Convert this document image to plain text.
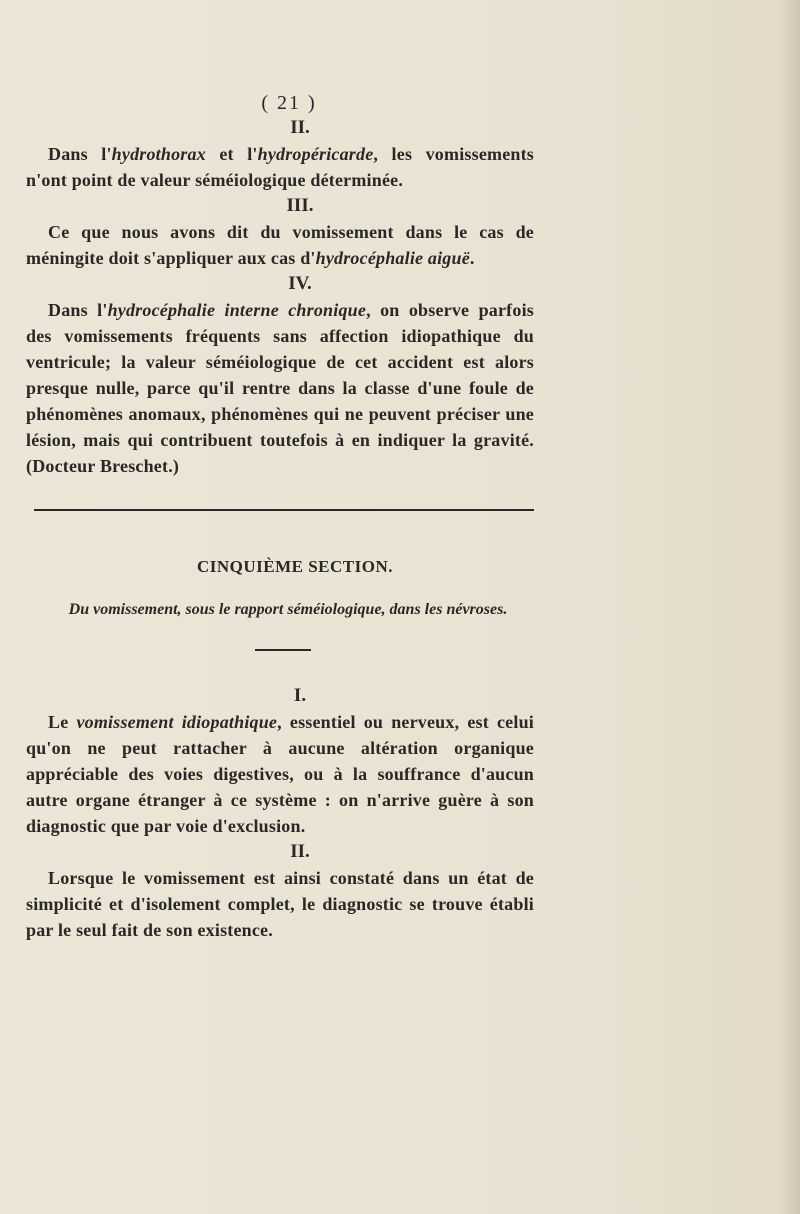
( 21 )
II.

Dans l'hydrothorax et l'hydropéricarde, les vomissements n'ont point de valeur séméiologique déterminée.

III.

Ce que nous avons dit du vomissement dans le cas de méningite doit s'appliquer aux cas d'hydrocéphalie aiguë.

IV.

Dans l'hydrocéphalie interne chronique, on observe parfois des vomissements fréquents sans affection idiopathique du ventricule; la valeur séméiologique de cet accident est alors presque nulle, parce qu'il rentre dans la classe d'une foule de phénomènes anomaux, phénomènes qui ne peuvent préciser une lésion, mais qui contribuent toutefois à en indiquer la gravité. (Docteur Breschet.)

CINQUIÈME SECTION.
Du vomissement, sous le rapport séméiologique, dans les névroses.
I.

Le vomissement idiopathique, essentiel ou nerveux, est celui qu'on ne peut rattacher à aucune altération organique appréciable des voies digestives, ou à la souffrance d'aucun autre organe étranger à ce système : on n'arrive guère à son diagnostic que par voie d'exclusion.

II.

Lorsque le vomissement est ainsi constaté dans un état de simplicité et d'isolement complet, le diagnostic se trouve établi par le seul fait de son existence.
